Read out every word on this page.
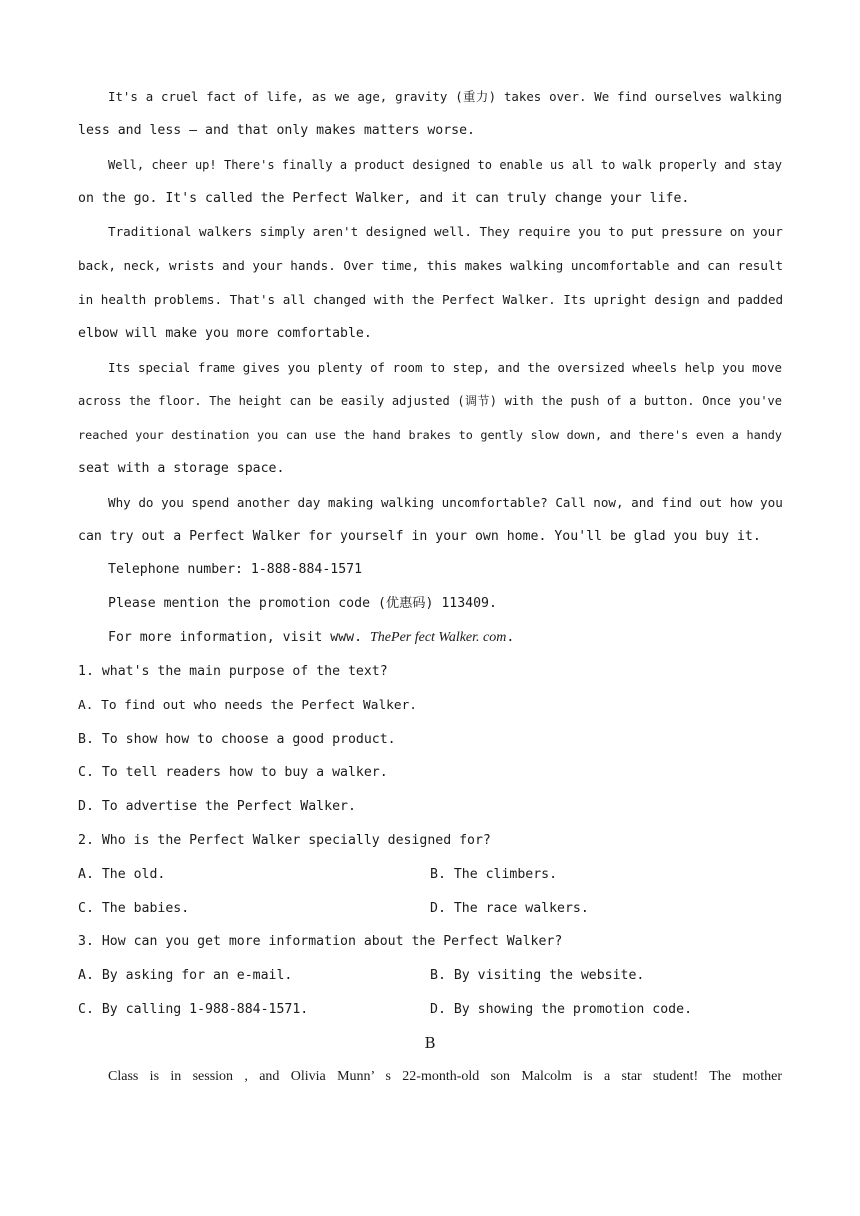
It's a cruel fact of life, as we age, gravity (重力) takes over. We find ourselves walking
less and less — and that only makes matters worse.
Well, cheer up! There's finally a product designed to enable us all to walk properly and stay
on the go. It's called the Perfect Walker, and it can truly change your life.
Traditional walkers simply aren't designed well. They require you to put pressure on your
back, neck, wrists and your hands. Over time, this makes walking uncomfortable and can result
in health problems. That's all changed with the Perfect Walker. Its upright design and padded
elbow will make you more comfortable.
Its special frame gives you plenty of room to step, and the oversized wheels help you move
across the floor. The height can be easily adjusted (调节) with the push of a button. Once you've
reached your destination you can use the hand brakes to gently slow down, and there's even a handy
seat with a storage space.
Why do you spend another day making walking uncomfortable? Call now, and find out how you
can try out a Perfect Walker for yourself in your own home. You'll be glad you buy it.
Telephone number: 1-888-884-1571
Please mention the promotion code (优惠码) 113409.
For more information, visit www. ThePer fect Walker. com.
1. what's the main purpose of the text?
A. To find out who needs the Perfect Walker.
B. To show how to choose a good product.
C. To tell readers how to buy a walker.
D. To advertise the Perfect Walker.
2. Who is the Perfect Walker specially designed for?
A. The old.	B. The climbers.
C. The babies.	D. The race walkers.
3. How can you get more information about the Perfect Walker?
A. By asking for an e-mail.	B. By visiting the website.
C. By calling 1-988-884-1571.	D. By showing the promotion code.
B
Class is in session , and Olivia Munn’ s 22-month-old son Malcolm is a star student! The mother
